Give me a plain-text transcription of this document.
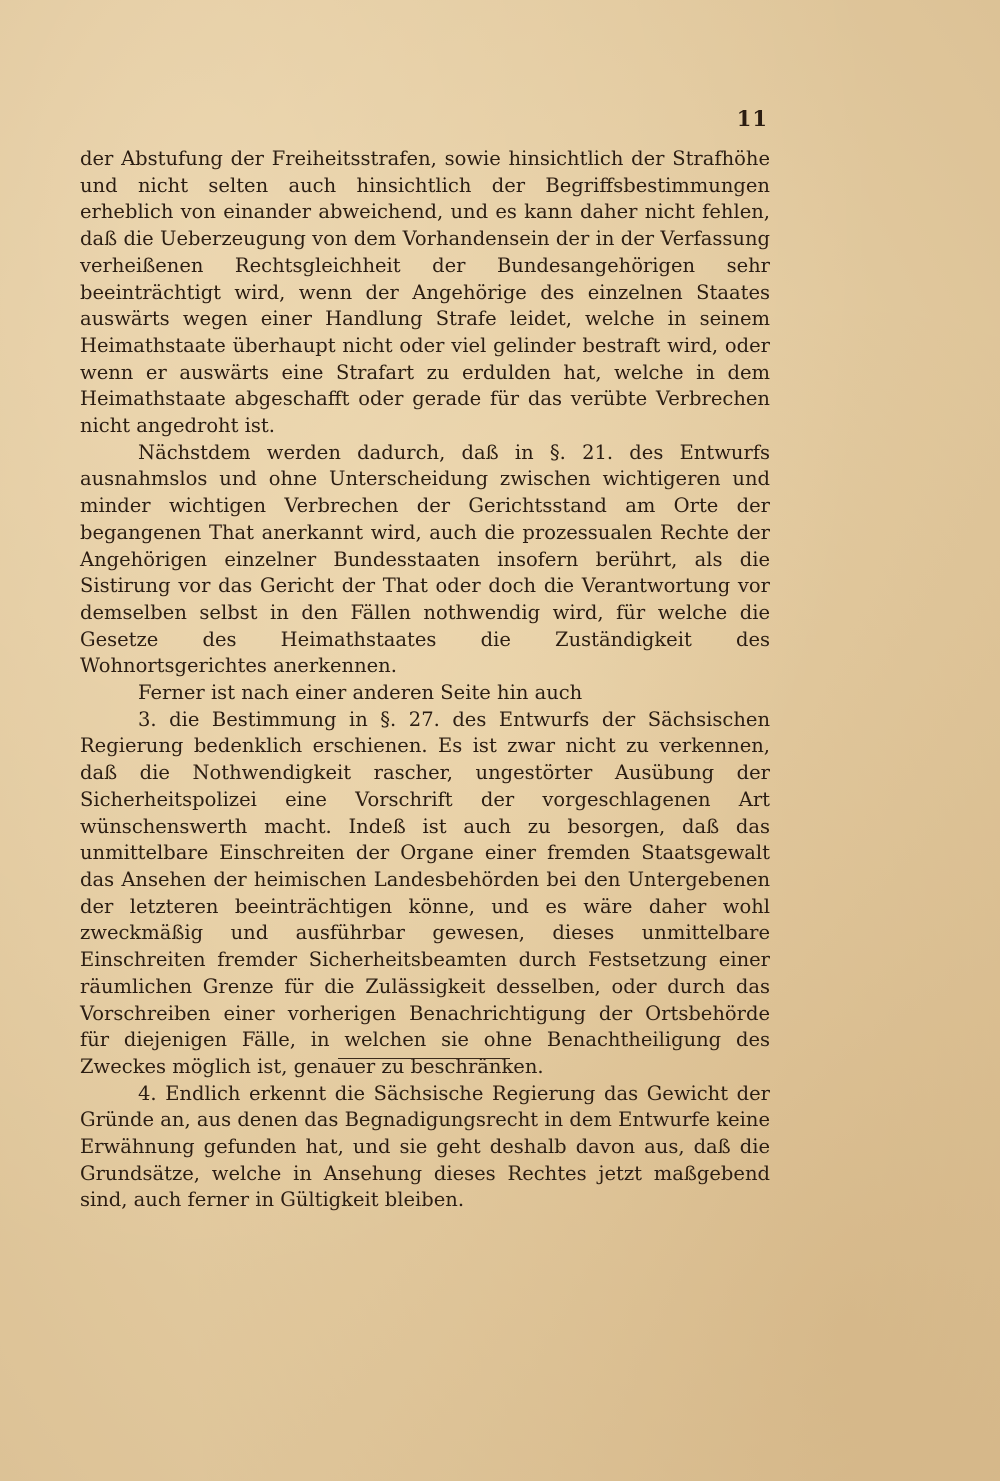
11

der Abstufung der Freiheitsstrafen, sowie hinsichtlich der Strafhöhe und nicht selten auch hinsichtlich der Begriffsbestimmungen erheblich von einander abweichend, und es kann daher nicht fehlen, daß die Ueberzeugung von dem Vorhandensein der in der Verfassung verheißenen Rechtsgleichheit der Bundesangehörigen sehr beeinträchtigt wird, wenn der Angehörige des einzelnen Staates auswärts wegen einer Handlung Strafe leidet, welche in seinem Heimathstaate überhaupt nicht oder viel gelinder bestraft wird, oder wenn er auswärts eine Strafart zu erdulden hat, welche in dem Heimathstaate abgeschafft oder gerade für das verübte Verbrechen nicht angedroht ist.

Nächstdem werden dadurch, daß in §. 21. des Entwurfs ausnahmslos und ohne Unterscheidung zwischen wichtigeren und minder wichtigen Verbrechen der Gerichtsstand am Orte der begangenen That anerkannt wird, auch die prozessualen Rechte der Angehörigen einzelner Bundesstaaten insofern berührt, als die Sistirung vor das Gericht der That oder doch die Verantwortung vor demselben selbst in den Fällen nothwendig wird, für welche die Gesetze des Heimathstaates die Zuständigkeit des Wohnortsgerichtes anerkennen.

Ferner ist nach einer anderen Seite hin auch

3. die Bestimmung in §. 27. des Entwurfs der Sächsischen Regierung bedenklich erschienen. Es ist zwar nicht zu verkennen, daß die Nothwendigkeit rascher, ungestörter Ausübung der Sicherheitspolizei eine Vorschrift der vorgeschlagenen Art wünschenswerth macht. Indeß ist auch zu besorgen, daß das unmittelbare Einschreiten der Organe einer fremden Staatsgewalt das Ansehen der heimischen Landesbehörden bei den Untergebenen der letzteren beeinträchtigen könne, und es wäre daher wohl zweckmäßig und ausführbar gewesen, dieses unmittelbare Einschreiten fremder Sicherheitsbeamten durch Festsetzung einer räumlichen Grenze für die Zulässigkeit desselben, oder durch das Vorschreiben einer vorherigen Benachrichtigung der Ortsbehörde für diejenigen Fälle, in welchen sie ohne Benachtheiligung des Zweckes möglich ist, genauer zu beschränken.

4. Endlich erkennt die Sächsische Regierung das Gewicht der Gründe an, aus denen das Begnadigungsrecht in dem Entwurfe keine Erwähnung gefunden hat, und sie geht deshalb davon aus, daß die Grundsätze, welche in Ansehung dieses Rechtes jetzt maßgebend sind, auch ferner in Gültigkeit bleiben.
